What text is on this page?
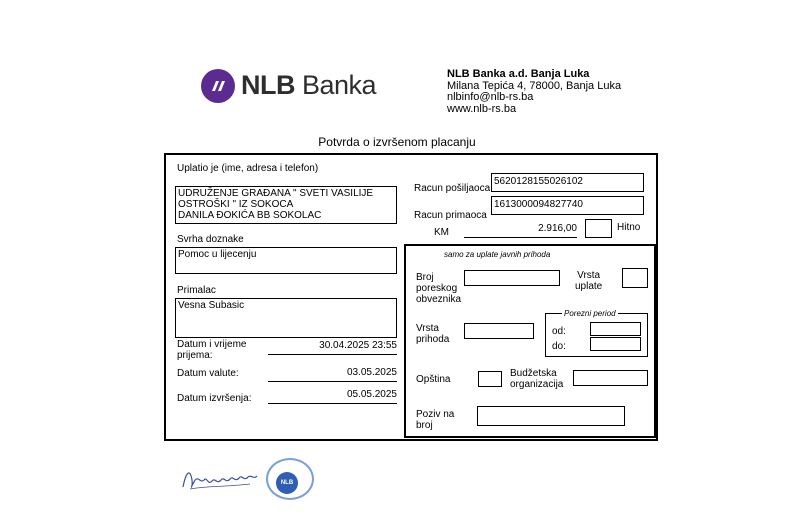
NLB Banka	NLB Banka a.d. Banja Luka
Milana Tepića 4, 78000, Banja Luka
nlbinfo@nlb-rs.ba
www.nlb-rs.ba
Potvrda o izvršenom placanju
Uplatio je (ime, adresa i telefon)
UDRUŽENJE GRAĐANA " SVETI VASILIJE
OSTROŠKI " IZ SOKOCA
DANILA ĐOKIĆA BB SOKOLAC
Svrha doznake
Pomoc u lijecenju
Primalac
Vesna Subasic
Datum i vrijeme
prijema:
30.04.2025 23:55
Datum valute:	03.05.2025
Datum izvršenja:	05.05.2025
Racun pošiljaoca
5620128155026102
Racun primaoca
1613000094827740
KM	2.916,00	Hitno
samo za uplate javnih prihoda
Broj
poreskog
obveznika
Vrsta
uplate
Vrsta
prihoda
Porezni period
od:
do:
Opština
Budžetska
organizacija
Poziv na
broj
NLB
